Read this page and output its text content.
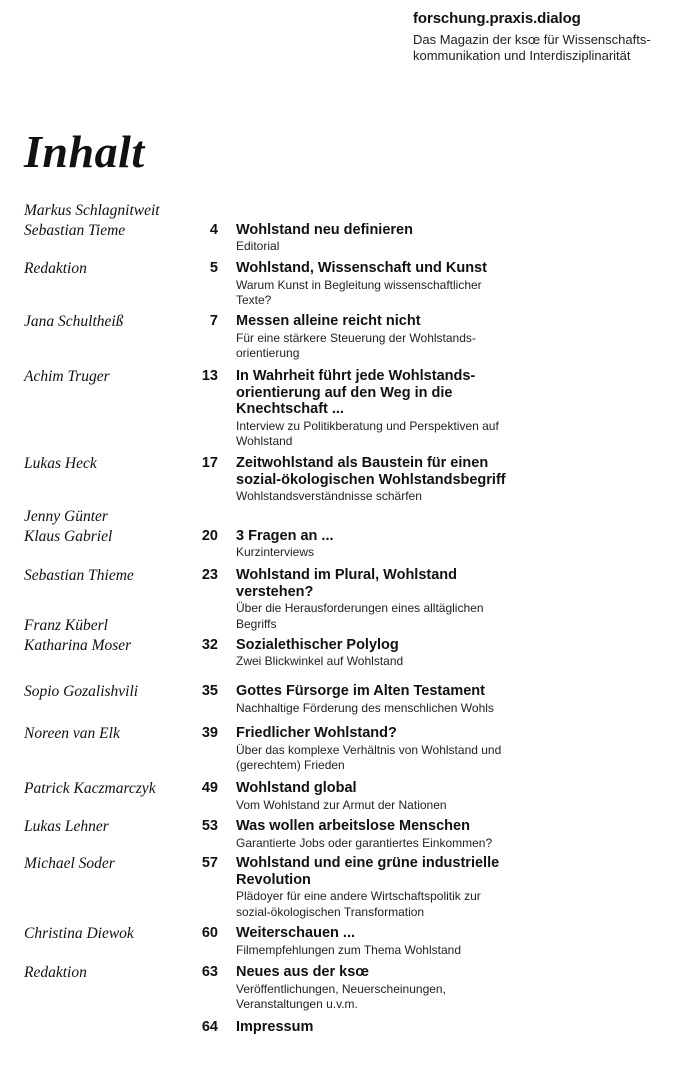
forschung.praxis.dialog
Das Magazin der ksœ für Wissenschafts-
kommunikation und Interdisziplinarität
Inhalt
Markus Schlagnitweit
Sebastian Tieme	4 Wohlstand neu definieren
Editorial
Redaktion	5 Wohlstand, Wissenschaft und Kunst
Warum Kunst in Begleitung wissenschaftlicher
Texte?
Jana Schultheiß	7 Messen alleine reicht nicht
Für eine stärkere Steuerung der Wohlstands-
orientierung
Achim Truger	13 In Wahrheit führt jede Wohlstands-
orientierung auf den Weg in die
Knechtschaft ...
Interview zu Politikberatung und Perspektiven auf
Wohlstand
Lukas Heck	17 Zeitwohlstand als Baustein für einen
sozial-ökologischen Wohlstandsbegriff
Wohlstandsverständnisse schärfen
Jenny Günter
Klaus Gabriel	20 3 Fragen an ...
Kurzinterviews
Sebastian Thieme	23 Wohlstand im Plural, Wohlstand verstehen?
Über die Herausforderungen eines alltäglichen
Begriffs
Franz Küberl
Katharina Moser	32 Sozialethischer Polylog
Zwei Blickwinkel auf Wohlstand
Sopio Gozalishvili	35 Gottes Fürsorge im Alten Testament
Nachhaltige Förderung des menschlichen Wohls
Noreen van Elk	39 Friedlicher Wohlstand?
Über das komplexe Verhältnis von Wohlstand und
(gerechtem) Frieden
Patrick Kaczmarczyk	49 Wohlstand global
Vom Wohlstand zur Armut der Nationen
Lukas Lehner	53 Was wollen arbeitslose Menschen
Garantierte Jobs oder garantiertes Einkommen?
Michael Soder	57 Wohlstand und eine grüne industrielle
Revolution
Plädoyer für eine andere Wirtschaftspolitik zur
sozial-ökologischen Transformation
Christina Diewok	60 Weiterschauen ...
Filmempfehlungen zum Thema Wohlstand
Redaktion	63 Neues aus der ksœ
Veröffentlichungen, Neuerscheinungen,
Veranstaltungen u.v.m.
64 Impressum
